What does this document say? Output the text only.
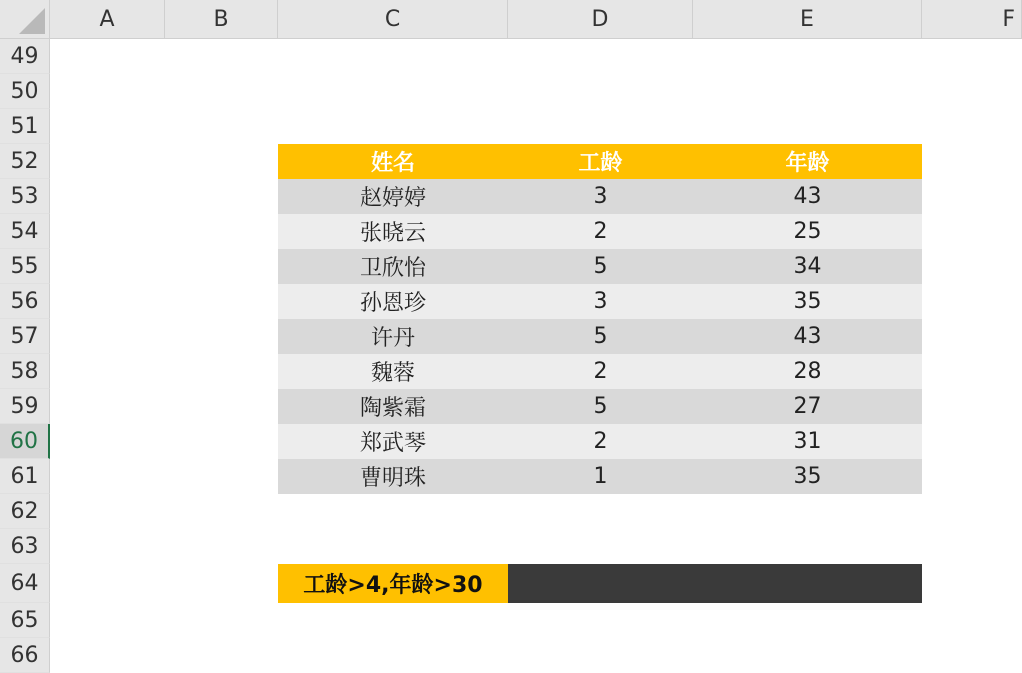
A	B	C	D	E	F
49
50
51
52
53
54
55
56
57
58
59
60
61
62
63
64
65
66
姓名	工龄	年龄
赵婷婷	3	43
张晓云	2	25
卫欣怡	5	34
孙恩珍	3	35
许丹	5	43
魏蓉	2	28
陶紫霜	5	27
郑武琴	2	31
曹明珠	1	35
工龄>4,年龄>30
